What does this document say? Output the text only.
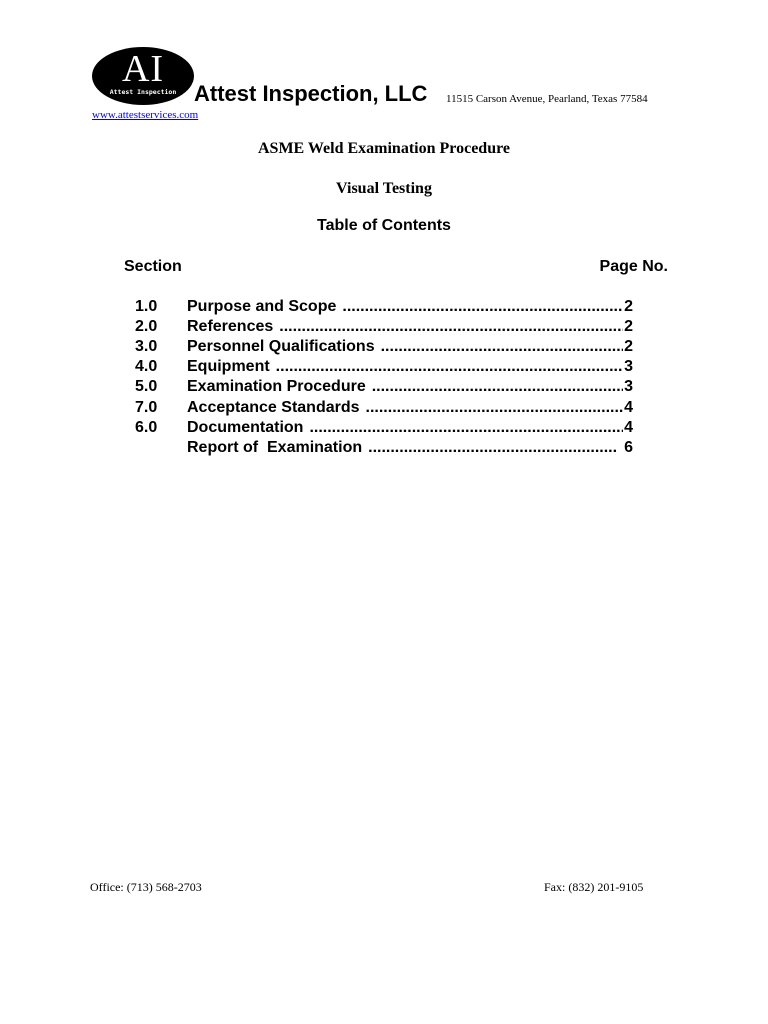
AI
Attest Inspection Attest Inspection, LLC 11515 Carson Avenue, Pearland, Texas 77584
www.attestservices.com
ASME Weld Examination Procedure
Visual Testing
Table of Contents
Section	Page No.
1.0 Purpose and Scope .....	2
2.0 References .....	2
3.0 Personnel Qualifications .....	2
4.0 Equipment .....	3
5.0 Examination Procedure .....	3
7.0 Acceptance Standards .....	4
6.0 Documentation .....	4
Report of  Examination .....	6
Office: (713) 568-2703	Fax: (832) 201-9105
